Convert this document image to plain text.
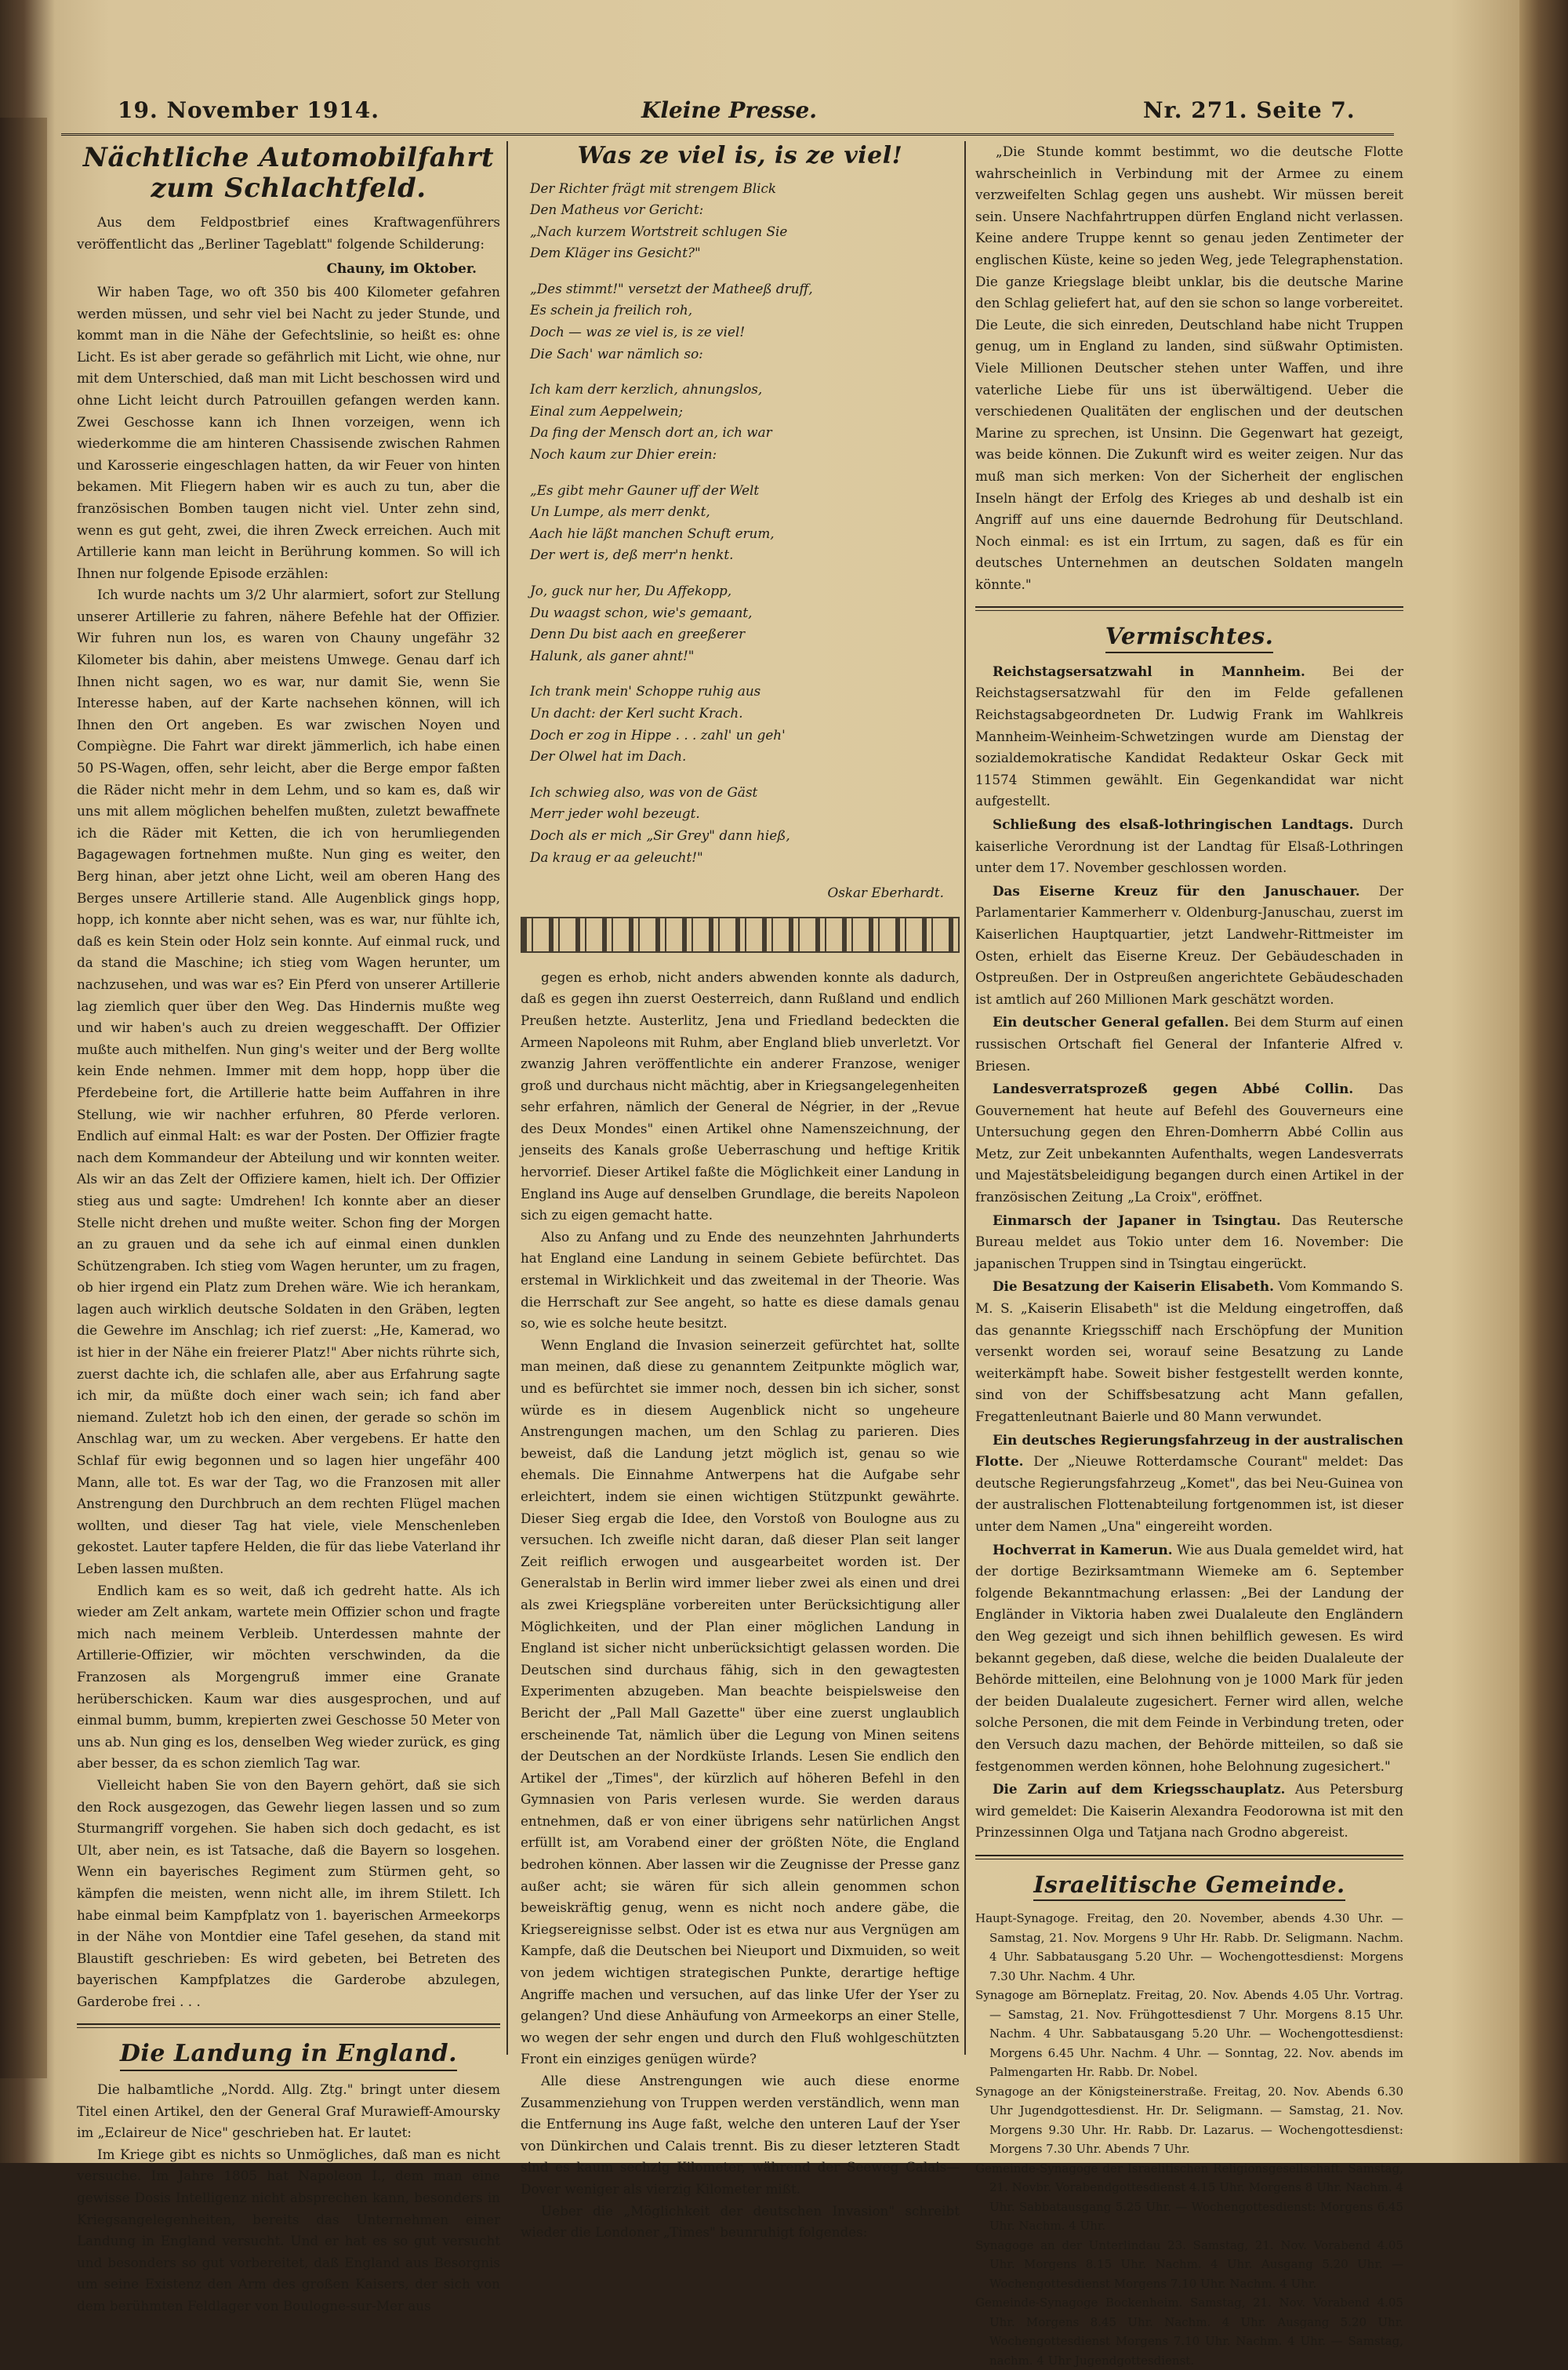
19. November 1914.	Kleine Presse.	Nr. 271. Seite 7.
Nächtliche Automobilfahrt zum Schlachtfeld.

Aus dem Feldpostbrief eines Kraftwagenführers veröffentlicht das „Berliner Tageblatt" folgende Schilderung:

Chauny, im Oktober.

Wir haben Tage, wo oft 350 bis 400 Kilometer gefahren werden müssen, und sehr viel bei Nacht zu jeder Stunde, und kommt man in die Nähe der Gefechtslinie, so heißt es: ohne Licht. Es ist aber gerade so gefährlich mit Licht, wie ohne, nur mit dem Unterschied, daß man mit Licht beschossen wird und ohne Licht leicht durch Patrouillen gefangen werden kann. Zwei Geschosse kann ich Ihnen vorzeigen, wenn ich wiederkomme die am hinteren Chassisende zwischen Rahmen und Karosserie eingeschlagen hatten, da wir Feuer von hinten bekamen. Mit Fliegern haben wir es auch zu tun, aber die französischen Bomben taugen nicht viel. Unter zehn sind, wenn es gut geht, zwei, die ihren Zweck erreichen. Auch mit Artillerie kann man leicht in Berührung kommen. So will ich Ihnen nur folgende Episode erzählen:

Ich wurde nachts um 3/2 Uhr alarmiert, sofort zur Stellung unserer Artillerie zu fahren, nähere Befehle hat der Offizier. Wir fuhren nun los, es waren von Chauny ungefähr 32 Kilometer bis dahin, aber meistens Umwege. Genau darf ich Ihnen nicht sagen, wo es war, nur damit Sie, wenn Sie Interesse haben, auf der Karte nachsehen können, will ich Ihnen den Ort angeben. Es war zwischen Noyen und Compiègne. Die Fahrt war direkt jämmerlich, ich habe einen 50 PS-Wagen, offen, sehr leicht, aber die Berge empor faßten die Räder nicht mehr in dem Lehm, und so kam es, daß wir uns mit allem möglichen behelfen mußten, zuletzt bewaffnete ich die Räder mit Ketten, die ich von herumliegenden Bagagewagen fortnehmen mußte. Nun ging es weiter, den Berg hinan, aber jetzt ohne Licht, weil am oberen Hang des Berges unsere Artillerie stand. Alle Augenblick gings hopp, hopp, ich konnte aber nicht sehen, was es war, nur fühlte ich, daß es kein Stein oder Holz sein konnte. Auf einmal ruck, und da stand die Maschine; ich stieg vom Wagen herunter, um nachzusehen, und was war es? Ein Pferd von unserer Artillerie lag ziemlich quer über den Weg. Das Hindernis mußte weg und wir haben's auch zu dreien weggeschafft. Der Offizier mußte auch mithelfen. Nun ging's weiter und der Berg wollte kein Ende nehmen. Immer mit dem hopp, hopp über die Pferdebeine fort, die Artillerie hatte beim Auffahren in ihre Stellung, wie wir nachher erfuhren, 80 Pferde verloren. Endlich auf einmal Halt: es war der Posten. Der Offizier fragte nach dem Kommandeur der Abteilung und wir konnten weiter. Als wir an das Zelt der Offiziere kamen, hielt ich. Der Offizier stieg aus und sagte: Umdrehen! Ich konnte aber an dieser Stelle nicht drehen und mußte weiter. Schon fing der Morgen an zu grauen und da sehe ich auf einmal einen dunklen Schützengraben. Ich stieg vom Wagen herunter, um zu fragen, ob hier irgend ein Platz zum Drehen wäre. Wie ich herankam, lagen auch wirklich deutsche Soldaten in den Gräben, legten die Gewehre im Anschlag; ich rief zuerst: „He, Kamerad, wo ist hier in der Nähe ein freierer Platz!" Aber nichts rührte sich, zuerst dachte ich, die schlafen alle, aber aus Erfahrung sagte ich mir, da müßte doch einer wach sein; ich fand aber niemand. Zuletzt hob ich den einen, der gerade so schön im Anschlag war, um zu wecken. Aber vergebens. Er hatte den Schlaf für ewig begonnen und so lagen hier ungefähr 400 Mann, alle tot. Es war der Tag, wo die Franzosen mit aller Anstrengung den Durchbruch an dem rechten Flügel machen wollten, und dieser Tag hat viele, viele Menschenleben gekostet. Lauter tapfere Helden, die für das liebe Vaterland ihr Leben lassen mußten.

Endlich kam es so weit, daß ich gedreht hatte. Als ich wieder am Zelt ankam, wartete mein Offizier schon und fragte mich nach meinem Verbleib. Unterdessen mahnte der Artillerie-Offizier, wir möchten verschwinden, da die Franzosen als Morgengruß immer eine Granate herüberschicken. Kaum war dies ausgesprochen, und auf einmal bumm, bumm, krepierten zwei Geschosse 50 Meter von uns ab. Nun ging es los, denselben Weg wieder zurück, es ging aber besser, da es schon ziemlich Tag war.

Vielleicht haben Sie von den Bayern gehört, daß sie sich den Rock ausgezogen, das Gewehr liegen lassen und so zum Sturmangriff vorgehen. Sie haben sich doch gedacht, es ist Ult, aber nein, es ist Tatsache, daß die Bayern so losgehen. Wenn ein bayerisches Regiment zum Stürmen geht, so kämpfen die meisten, wenn nicht alle, im ihrem Stilett. Ich habe einmal beim Kampfplatz von 1. bayerischen Armeekorps in der Nähe von Montdier eine Tafel gesehen, da stand mit Blaustift geschrieben: Es wird gebeten, bei Betreten des bayerischen Kampfplatzes die Garderobe abzulegen, Garderobe frei . . .

Die Landung in England.

Die halbamtliche „Nordd. Allg. Ztg." bringt unter diesem Titel einen Artikel, den der General Graf Murawieff-Amoursky im „Eclaireur de Nice" geschrieben hat. Er lautet:

Im Kriege gibt es nichts so Unmögliches, daß man es nicht versuche. Im Jahre 1805 hat Napoleon I., dem man eine gewisse Dosis Intelligenz nicht absprechen kann, besonders in Kriegsangelegenheiten, bereits das Unternehmen einer Landung in England versucht. Und er hat es so gut versucht und besonders so gut vorbereitet, daß England aus Besorgnis um seine Existenz den Arm des großen Kaisers, der sich von dem berühmten Feldlager von Boulogne-sur-Mer aus

Was ze viel is, is ze viel!
Der Richter frägt mit strengem Blick
Den Matheus vor Gericht:
„Nach kurzem Wortstreit schlugen Sie
Dem Kläger ins Gesicht?"
„Des stimmt!" versetzt der Matheeß druff,
Es schein ja freilich roh,
Doch — was ze viel is, is ze viel!
Die Sach' war nämlich so:
Ich kam derr kerzlich, ahnungslos,
Einal zum Aeppelwein;
Da fing der Mensch dort an, ich war
Noch kaum zur Dhier erein:
„Es gibt mehr Gauner uff der Welt
Un Lumpe, als merr denkt,
Aach hie läßt manchen Schuft erum,
Der wert is, deß merr'n henkt.
Jo, guck nur her, Du Affekopp,
Du waagst schon, wie's gemaant,
Denn Du bist aach en greeßerer
Halunk, als ganer ahnt!"
Ich trank mein' Schoppe ruhig aus
Un dacht: der Kerl sucht Krach.
Doch er zog in Hippe . . . zahl' un geh'
Der Olwel hat im Dach.
Ich schwieg also, was von de Gäst
Merr jeder wohl bezeugt.
Doch als er mich „Sir Grey" dann hieß,
Da kraug er aa geleucht!"

Oskar Eberhardt.

gegen es erhob, nicht anders abwenden konnte als dadurch, daß es gegen ihn zuerst Oesterreich, dann Rußland und endlich Preußen hetzte. Austerlitz, Jena und Friedland bedeckten die Armeen Napoleons mit Ruhm, aber England blieb unverletzt. Vor zwanzig Jahren veröffentlichte ein anderer Franzose, weniger groß und durchaus nicht mächtig, aber in Kriegsangelegenheiten sehr erfahren, nämlich der General de Négrier, in der „Revue des Deux Mondes" einen Artikel ohne Namenszeichnung, der jenseits des Kanals große Ueberraschung und heftige Kritik hervorrief. Dieser Artikel faßte die Möglichkeit einer Landung in England ins Auge auf denselben Grundlage, die bereits Napoleon sich zu eigen gemacht hatte.

Also zu Anfang und zu Ende des neunzehnten Jahrhunderts hat England eine Landung in seinem Gebiete befürchtet. Das erstemal in Wirklichkeit und das zweitemal in der Theorie. Was die Herrschaft zur See angeht, so hatte es diese damals genau so, wie es solche heute besitzt.

Wenn England die Invasion seinerzeit gefürchtet hat, sollte man meinen, daß diese zu genanntem Zeitpunkte möglich war, und es befürchtet sie immer noch, dessen bin ich sicher, sonst würde es in diesem Augenblick nicht so ungeheure Anstrengungen machen, um den Schlag zu parieren. Dies beweist, daß die Landung jetzt möglich ist, genau so wie ehemals. Die Einnahme Antwerpens hat die Aufgabe sehr erleichtert, indem sie einen wichtigen Stützpunkt gewährte. Dieser Sieg ergab die Idee, den Vorstoß von Boulogne aus zu versuchen. Ich zweifle nicht daran, daß dieser Plan seit langer Zeit reiflich erwogen und ausgearbeitet worden ist. Der Generalstab in Berlin wird immer lieber zwei als einen und drei als zwei Kriegspläne vorbereiten unter Berücksichtigung aller Möglichkeiten, und der Plan einer möglichen Landung in England ist sicher nicht unberücksichtigt gelassen worden. Die Deutschen sind durchaus fähig, sich in den gewagtesten Experimenten abzugeben. Man beachte beispielsweise den Bericht der „Pall Mall Gazette" über eine zuerst unglaublich erscheinende Tat, nämlich über die Legung von Minen seitens der Deutschen an der Nordküste Irlands. Lesen Sie endlich den Artikel der „Times", der kürzlich auf höheren Befehl in den Gymnasien von Paris verlesen wurde. Sie werden daraus entnehmen, daß er von einer übrigens sehr natürlichen Angst erfüllt ist, am Vorabend einer der größten Nöte, die England bedrohen können. Aber lassen wir die Zeugnisse der Presse ganz außer acht; sie wären für sich allein genommen schon beweiskräftig genug, wenn es nicht noch andere gäbe, die Kriegsereignisse selbst. Oder ist es etwa nur aus Vergnügen am Kampfe, daß die Deutschen bei Nieuport und Dixmuiden, so weit von jedem wichtigen strategischen Punkte, derartige heftige Angriffe machen und versuchen, auf das linke Ufer der Yser zu gelangen? Und diese Anhäufung von Armeekorps an einer Stelle, wo wegen der sehr engen und durch den Fluß wohlgeschützten Front ein einziges genügen würde?

Alle diese Anstrengungen wie auch diese enorme Zusammenziehung von Truppen werden verständlich, wenn man die Entfernung ins Auge faßt, welche den unteren Lauf der Yser von Dünkirchen und Calais trennt. Bis zu dieser letzteren Stadt sind es kaum sechzig Kilometer, während der Seeweg Calais—Dover weniger als vierzig Kilometer mißt.

Ueber die „Möglichkeit der deutschen Invasion" schreibt wieder die Londoner „Times" beunruhigt folgendes:

„Die Stunde kommt bestimmt, wo die deutsche Flotte wahrscheinlich in Verbindung mit der Armee zu einem verzweifelten Schlag gegen uns aushebt. Wir müssen bereit sein. Unsere Nachfahrtruppen dürfen England nicht verlassen. Keine andere Truppe kennt so genau jeden Zentimeter der englischen Küste, keine so jeden Weg, jede Telegraphenstation. Die ganze Kriegslage bleibt unklar, bis die deutsche Marine den Schlag geliefert hat, auf den sie schon so lange vorbereitet. Die Leute, die sich einreden, Deutschland habe nicht Truppen genug, um in England zu landen, sind süßwahr Optimisten. Viele Millionen Deutscher stehen unter Waffen, und ihre vaterliche Liebe für uns ist überwältigend. Ueber die verschiedenen Qualitäten der englischen und der deutschen Marine zu sprechen, ist Unsinn. Die Gegenwart hat gezeigt, was beide können. Die Zukunft wird es weiter zeigen. Nur das muß man sich merken: Von der Sicherheit der englischen Inseln hängt der Erfolg des Krieges ab und deshalb ist ein Angriff auf uns eine dauernde Bedrohung für Deutschland. Noch einmal: es ist ein Irrtum, zu sagen, daß es für ein deutsches Unternehmen an deutschen Soldaten mangeln könnte."

Vermischtes.

Reichstagsersatzwahl in Mannheim. Bei der Reichstagsersatzwahl für den im Felde gefallenen Reichstagsabgeordneten Dr. Ludwig Frank im Wahlkreis Mannheim-Weinheim-Schwetzingen wurde am Dienstag der sozialdemokratische Kandidat Redakteur Oskar Geck mit 11574 Stimmen gewählt. Ein Gegenkandidat war nicht aufgestellt.

Schließung des elsaß-lothringischen Landtags. Durch kaiserliche Verordnung ist der Landtag für Elsaß-Lothringen unter dem 17. November geschlossen worden.

Das Eiserne Kreuz für den Januschauer. Der Parlamentarier Kammerherr v. Oldenburg-Januschau, zuerst im Kaiserlichen Hauptquartier, jetzt Landwehr-Rittmeister im Osten, erhielt das Eiserne Kreuz. Der Gebäudeschaden in Ostpreußen. Der in Ostpreußen angerichtete Gebäudeschaden ist amtlich auf 260 Millionen Mark geschätzt worden.

Ein deutscher General gefallen. Bei dem Sturm auf einen russischen Ortschaft fiel General der Infanterie Alfred v. Briesen.

Landesverratsprozeß gegen Abbé Collin. Das Gouvernement hat heute auf Befehl des Gouverneurs eine Untersuchung gegen den Ehren-Domherrn Abbé Collin aus Metz, zur Zeit unbekannten Aufenthalts, wegen Landesverrats und Majestätsbeleidigung begangen durch einen Artikel in der französischen Zeitung „La Croix", eröffnet.

Einmarsch der Japaner in Tsingtau. Das Reutersche Bureau meldet aus Tokio unter dem 16. November: Die japanischen Truppen sind in Tsingtau eingerückt.

Die Besatzung der Kaiserin Elisabeth. Vom Kommando S. M. S. „Kaiserin Elisabeth" ist die Meldung eingetroffen, daß das genannte Kriegsschiff nach Erschöpfung der Munition versenkt worden sei, worauf seine Besatzung zu Lande weiterkämpft habe. Soweit bisher festgestellt werden konnte, sind von der Schiffsbesatzung acht Mann gefallen, Fregattenleutnant Baierle und 80 Mann verwundet.

Ein deutsches Regierungsfahrzeug in der australischen Flotte. Der „Nieuwe Rotterdamsche Courant" meldet: Das deutsche Regierungsfahrzeug „Komet", das bei Neu-Guinea von der australischen Flottenabteilung fortgenommen ist, ist dieser unter dem Namen „Una" eingereiht worden.

Hochverrat in Kamerun. Wie aus Duala gemeldet wird, hat der dortige Bezirksamtmann Wiemeke am 6. September folgende Bekanntmachung erlassen: „Bei der Landung der Engländer in Viktoria haben zwei Dualaleute den Engländern den Weg gezeigt und sich ihnen behilflich gewesen. Es wird bekannt gegeben, daß diese, welche die beiden Dualaleute der Behörde mitteilen, eine Belohnung von je 1000 Mark für jeden der beiden Dualaleute zugesichert. Ferner wird allen, welche solche Personen, die mit dem Feinde in Verbindung treten, oder den Versuch dazu machen, der Behörde mitteilen, so daß sie festgenommen werden können, hohe Belohnung zugesichert."

Die Zarin auf dem Kriegsschauplatz. Aus Petersburg wird gemeldet: Die Kaiserin Alexandra Feodorowna ist mit den Prinzessinnen Olga und Tatjana nach Grodno abgereist.

Israelitische Gemeinde.

Haupt-Synagoge. Freitag, den 20. November, abends 4.30 Uhr. — Samstag, 21. Nov. Morgens 9 Uhr Hr. Rabb. Dr. Seligmann. Nachm. 4 Uhr. Sabbatausgang 5.20 Uhr. — Wochengottesdienst: Morgens 7.30 Uhr. Nachm. 4 Uhr.

Synagoge am Börneplatz. Freitag, 20. Nov. Abends 4.05 Uhr. Vortrag. — Samstag, 21. Nov. Frühgottesdienst 7 Uhr. Morgens 8.15 Uhr. Nachm. 4 Uhr. Sabbatausgang 5.20 Uhr. — Wochengottesdienst: Morgens 6.45 Uhr. Nachm. 4 Uhr. — Sonntag, 22. Nov. abends im Palmengarten Hr. Rabb. Dr. Nobel.

Synagoge an der Königsteinerstraße. Freitag, 20. Nov. Abends 6.30 Uhr Jugendgottesdienst. Hr. Dr. Seligmann. — Samstag, 21. Nov. Morgens 9.30 Uhr. Hr. Rabb. Dr. Lazarus. — Wochengottesdienst: Morgens 7.30 Uhr. Abends 7 Uhr.

Gemeinde-Synagoge der Israelitischen Religionsgesellschaft. Samstag, 21. Novbr. Vorabendgottesdienst 4.15 Uhr. Morgens 8 Uhr. Nachm. 4 Uhr. Sabbatausgang 5.25 Uhr. — Wochengottesdienst: Morgens 6.45 Uhr. Nachm. 4 Uhr.

Synagoge an der Unterlindau 23. Samstag, 21. Nov. Vorabend 4.05 Uhr. Morgens 8.15 Uhr. Nachm. 4 Uhr. Ausgang 5.20 Uhr. — Wochengottesdienst Morgens 7.10 Uhr. Nachm. 4 Uhr.

Gemeinde-Synagoge Bockenheim. Samstag, 21. Nov. Vorabend 4.05 Uhr. Morgens 8.45 Uhr. Nachm. 4 Uhr. Ausgang 5.20 Uhr. Wochengottesdienst Morgens 7.10 Uhr. Nachm. 4 Uhr. — Samstag, nachm. 4 Uhr Jugendgottesdienst.
